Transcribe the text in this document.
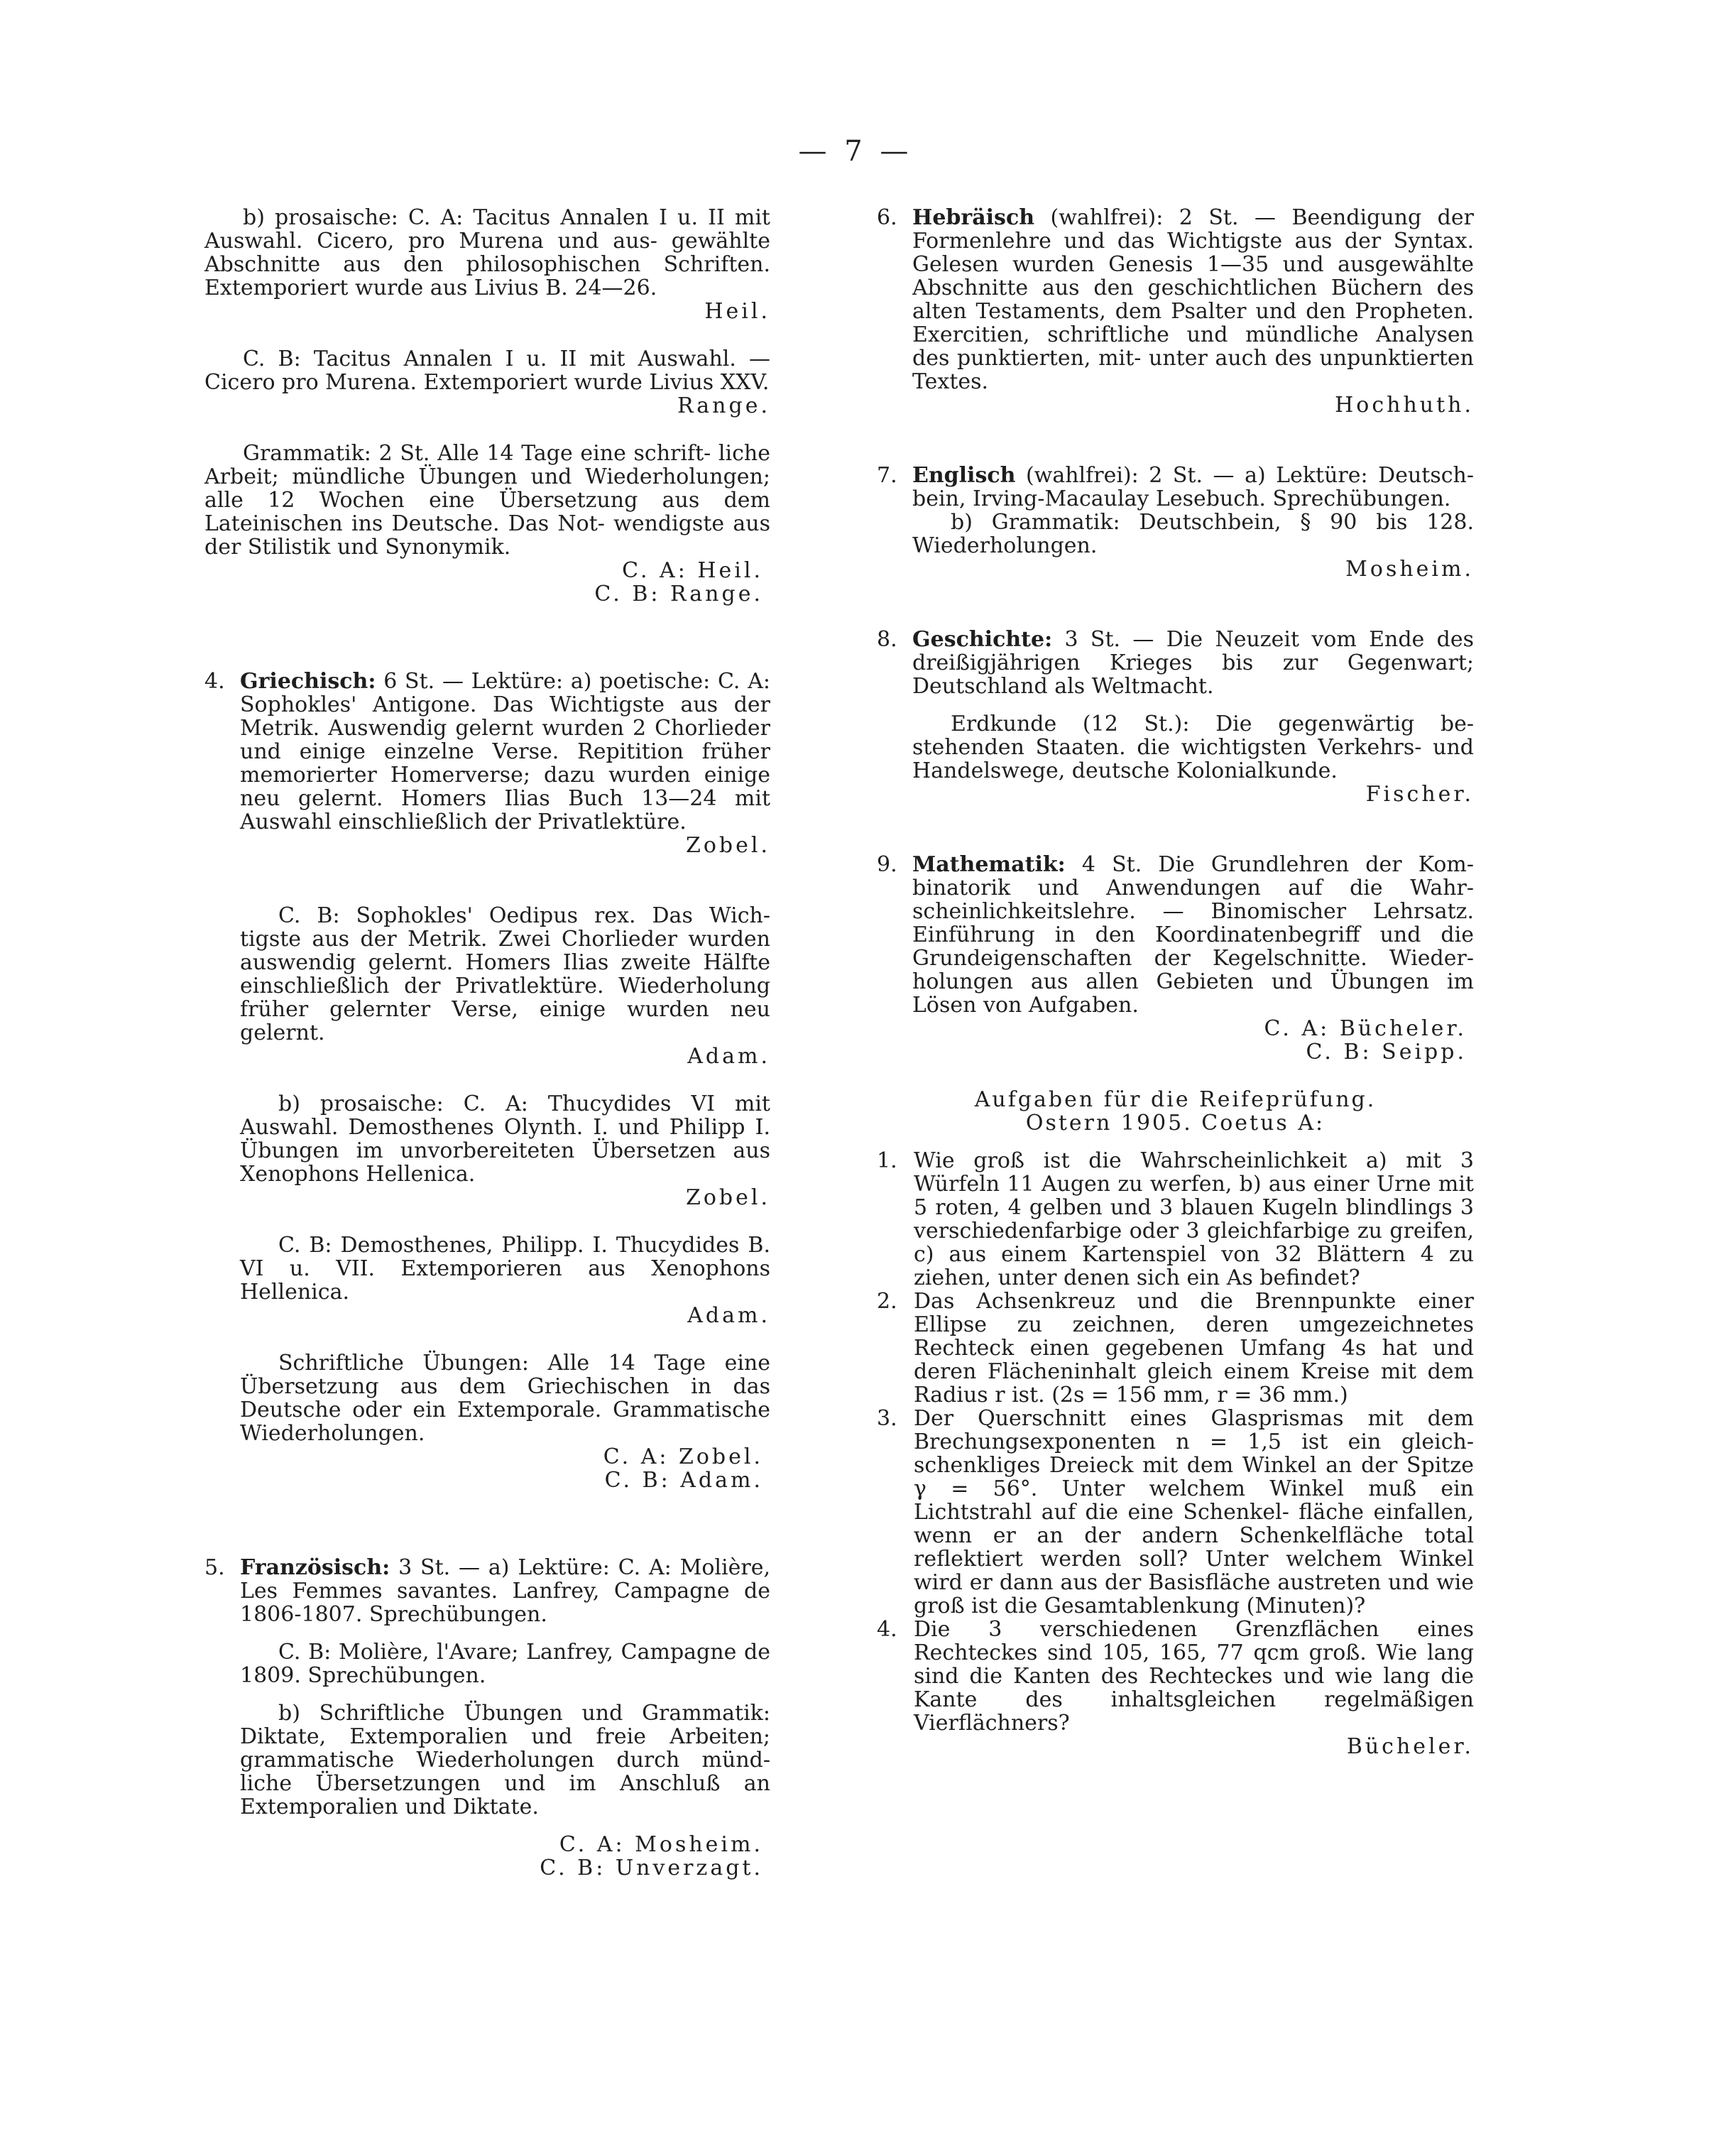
— 7 —

b) prosaische: C. A: Tacitus Annalen I u. II mit Auswahl. Cicero, pro Murena und aus- gewählte Abschnitte aus den philosophischen Schriften. Extemporiert wurde aus Livius B. 24—26.

Heil.

C. B: Tacitus Annalen I u. II mit Auswahl. — Cicero pro Murena. Extemporiert wurde Livius XXV.

Range.

Grammatik: 2 St. Alle 14 Tage eine schrift- liche Arbeit; mündliche Übungen und Wiederholungen; alle 12 Wochen eine Übersetzung aus dem Lateinischen ins Deutsche. Das Not- wendigste aus der Stilistik und Synonymik.

C. A: Heil.

C. B: Range.

4. Griechisch: 6 St. — Lektüre: a) poetische: C. A: Sophokles' Antigone. Das Wichtigste aus der Metrik. Auswendig gelernt wurden 2 Chorlieder und einige einzelne Verse. Repitition früher memorierter Homerverse; dazu wurden einige neu gelernt. Homers Ilias Buch 13—24 mit Auswahl einschließlich der Privatlektüre.

Zobel.

C. B: Sophokles' Oedipus rex. Das Wich- tigste aus der Metrik. Zwei Chorlieder wurden auswendig gelernt. Homers Ilias zweite Hälfte einschließlich der Privatlektüre. Wiederholung früher gelernter Verse, einige wurden neu gelernt.

Adam.

b) prosaische: C. A: Thucydides VI mit Auswahl. Demosthenes Olynth. I. und Philipp I. Übungen im unvorbereiteten Übersetzen aus Xenophons Hellenica.

Zobel.

C. B: Demosthenes, Philipp. I. Thucydides B. VI u. VII. Extemporieren aus Xenophons Hellenica.

Adam.

Schriftliche Übungen: Alle 14 Tage eine Übersetzung aus dem Griechischen in das Deutsche oder ein Extemporale. Grammatische Wiederholungen.

C. A: Zobel.

C. B: Adam.

5. Französisch: 3 St. — a) Lektüre: C. A: Molière, Les Femmes savantes. Lanfrey, Campagne de 1806-1807. Sprechübungen.

C. B: Molière, l'Avare; Lanfrey, Campagne de 1809. Sprechübungen.

b) Schriftliche Übungen und Grammatik: Diktate, Extemporalien und freie Arbeiten; grammatische Wiederholungen durch münd- liche Übersetzungen und im Anschluß an Extemporalien und Diktate.

C. A: Mosheim.

C. B: Unverzagt.

6. Hebräisch (wahlfrei): 2 St. — Beendigung der Formenlehre und das Wichtigste aus der Syntax. Gelesen wurden Genesis 1—35 und ausgewählte Abschnitte aus den geschichtlichen Büchern des alten Testaments, dem Psalter und den Propheten. Exercitien, schriftliche und mündliche Analysen des punktierten, mit- unter auch des unpunktierten Textes.

Hochhuth.

7. Englisch (wahlfrei): 2 St. — a) Lektüre: Deutsch- bein, Irving-Macaulay Lesebuch. Sprechübungen.

b) Grammatik: Deutschbein, § 90 bis 128. Wiederholungen.

Mosheim.

8. Geschichte: 3 St. — Die Neuzeit vom Ende des dreißigjährigen Krieges bis zur Gegenwart; Deutschland als Weltmacht.

Erdkunde (12 St.): Die gegenwärtig be- stehenden Staaten. die wichtigsten Verkehrs- und Handelswege, deutsche Kolonialkunde.

Fischer.

9. Mathematik: 4 St. Die Grundlehren der Kom- binatorik und Anwendungen auf die Wahr- scheinlichkeitslehre. — Binomischer Lehrsatz. Einführung in den Koordinatenbegriff und die Grundeigenschaften der Kegelschnitte. Wieder- holungen aus allen Gebieten und Übungen im Lösen von Aufgaben.

C. A: Bücheler.

C. B: Seipp.

Aufgaben für die Reifeprüfung.

Ostern 1905. Coetus A:

1. Wie groß ist die Wahrscheinlichkeit a) mit 3 Würfeln 11 Augen zu werfen, b) aus einer Urne mit 5 roten, 4 gelben und 3 blauen Kugeln blindlings 3 verschiedenfarbige oder 3 gleichfarbige zu greifen, c) aus einem Kartenspiel von 32 Blättern 4 zu ziehen, unter denen sich ein As befindet?
2. Das Achsenkreuz und die Brennpunkte einer Ellipse zu zeichnen, deren umgezeichnetes Rechteck einen gegebenen Umfang 4s hat und deren Flächeninhalt gleich einem Kreise mit dem Radius r ist. (2s = 156 mm, r = 36 mm.)
3. Der Querschnitt eines Glasprismas mit dem Brechungsexponenten n = 1,5 ist ein gleich- schenkliges Dreieck mit dem Winkel an der Spitze γ = 56°. Unter welchem Winkel muß ein Lichtstrahl auf die eine Schenkel- fläche einfallen, wenn er an der andern Schenkelfläche total reflektiert werden soll? Unter welchem Winkel wird er dann aus der Basisfläche austreten und wie groß ist die Gesamtablenkung (Minuten)?
4. Die 3 verschiedenen Grenzflächen eines Rechteckes sind 105, 165, 77 qcm groß. Wie lang sind die Kanten des Rechteckes und wie lang die Kante des inhaltsgleichen regelmäßigen Vierflächners?

Bücheler.
